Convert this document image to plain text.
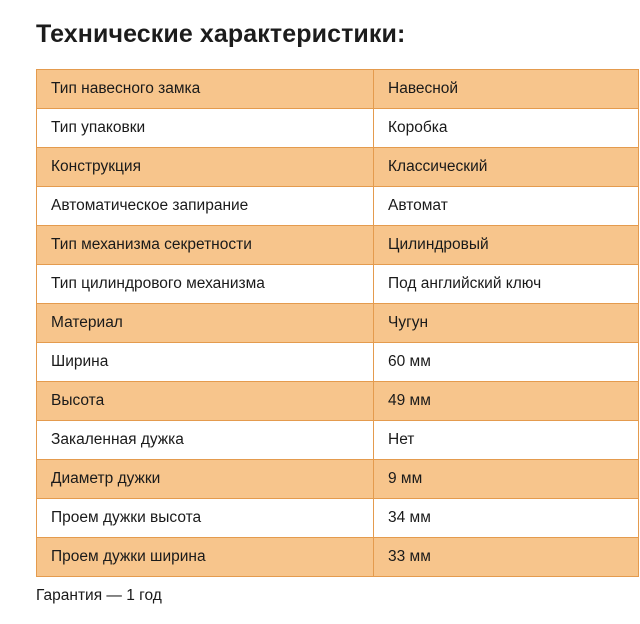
Технические характеристики:
Тип навесного замка	Навесной
Тип упаковки	Коробка
Конструкция	Классический
Автоматическое запирание	Автомат
Тип механизма секретности	Цилиндровый
Тип цилиндрового механизма	Под английский ключ
Материал	Чугун
Ширина	60 мм
Высота	49 мм
Закаленная дужка	Нет
Диаметр дужки	9 мм
Проем дужки высота	34 мм
Проем дужки ширина	33 мм
Гарантия — 1 год
